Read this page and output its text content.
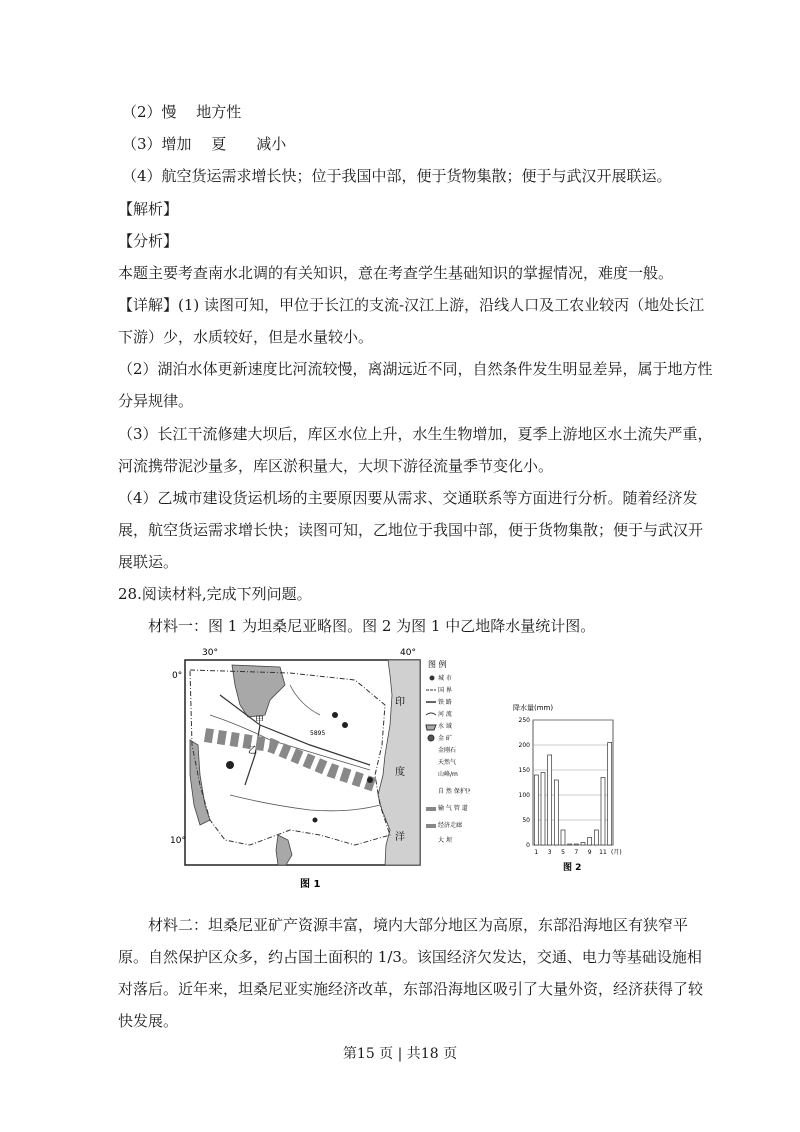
（2）慢　 地方性
（3）增加　 夏　　减小
（4）航空货运需求增长快；位于我国中部，便于货物集散；便于与武汉开展联运。
【解析】
【分析】
本题主要考查南水北调的有关知识，意在考查学生基础知识的掌握情况，难度一般。
【详解】(1) 读图可知，甲位于长江的支流-汉江上游，沿线人口及工农业较丙（地处长江
下游）少，水质较好，但是水量较小。
（2）湖泊水体更新速度比河流较慢，离湖远近不同，自然条件发生明显差异，属于地方性
分异规律。
（3）长江干流修建大坝后，库区水位上升，水生生物增加，夏季上游地区水土流失严重，
河流携带泥沙量多，库区淤积量大，大坝下游径流量季节变化小。
（4）乙城市建设货运机场的主要原因要从需求、交通联系等方面进行分析。随着经济发
展，航空货运需求增长快；读图可知，乙地位于我国中部，便于货物集散；便于与武汉开
展联运。
28.阅读材料,完成下列问题。
材料一：图 1 为坦桑尼亚略图。图 2 为图 1 中乙地降水量统计图。
30°	40°
0°
10°
甲
乙
5895
印
度
洋
图 1
图 例
城 市
国 界
铁 路
河 流
水 域
金 矿
金刚石
天然气
山峰/m
自 然 保护区
输 气 管 道
经济走廊
大 坝
降水量(mm)
0
50
100
150
200
250
1 3 5 7 9 11 (月)
图 2
材料二：坦桑尼亚矿产资源丰富，境内大部分地区为高原，东部沿海地区有狭窄平
原。自然保护区众多，约占国土面积的 1/3。该国经济欠发达，交通、电力等基础设施相
对落后。近年来，坦桑尼亚实施经济改革，东部沿海地区吸引了大量外资，经济获得了较
快发展。
第15 页 | 共18 页
